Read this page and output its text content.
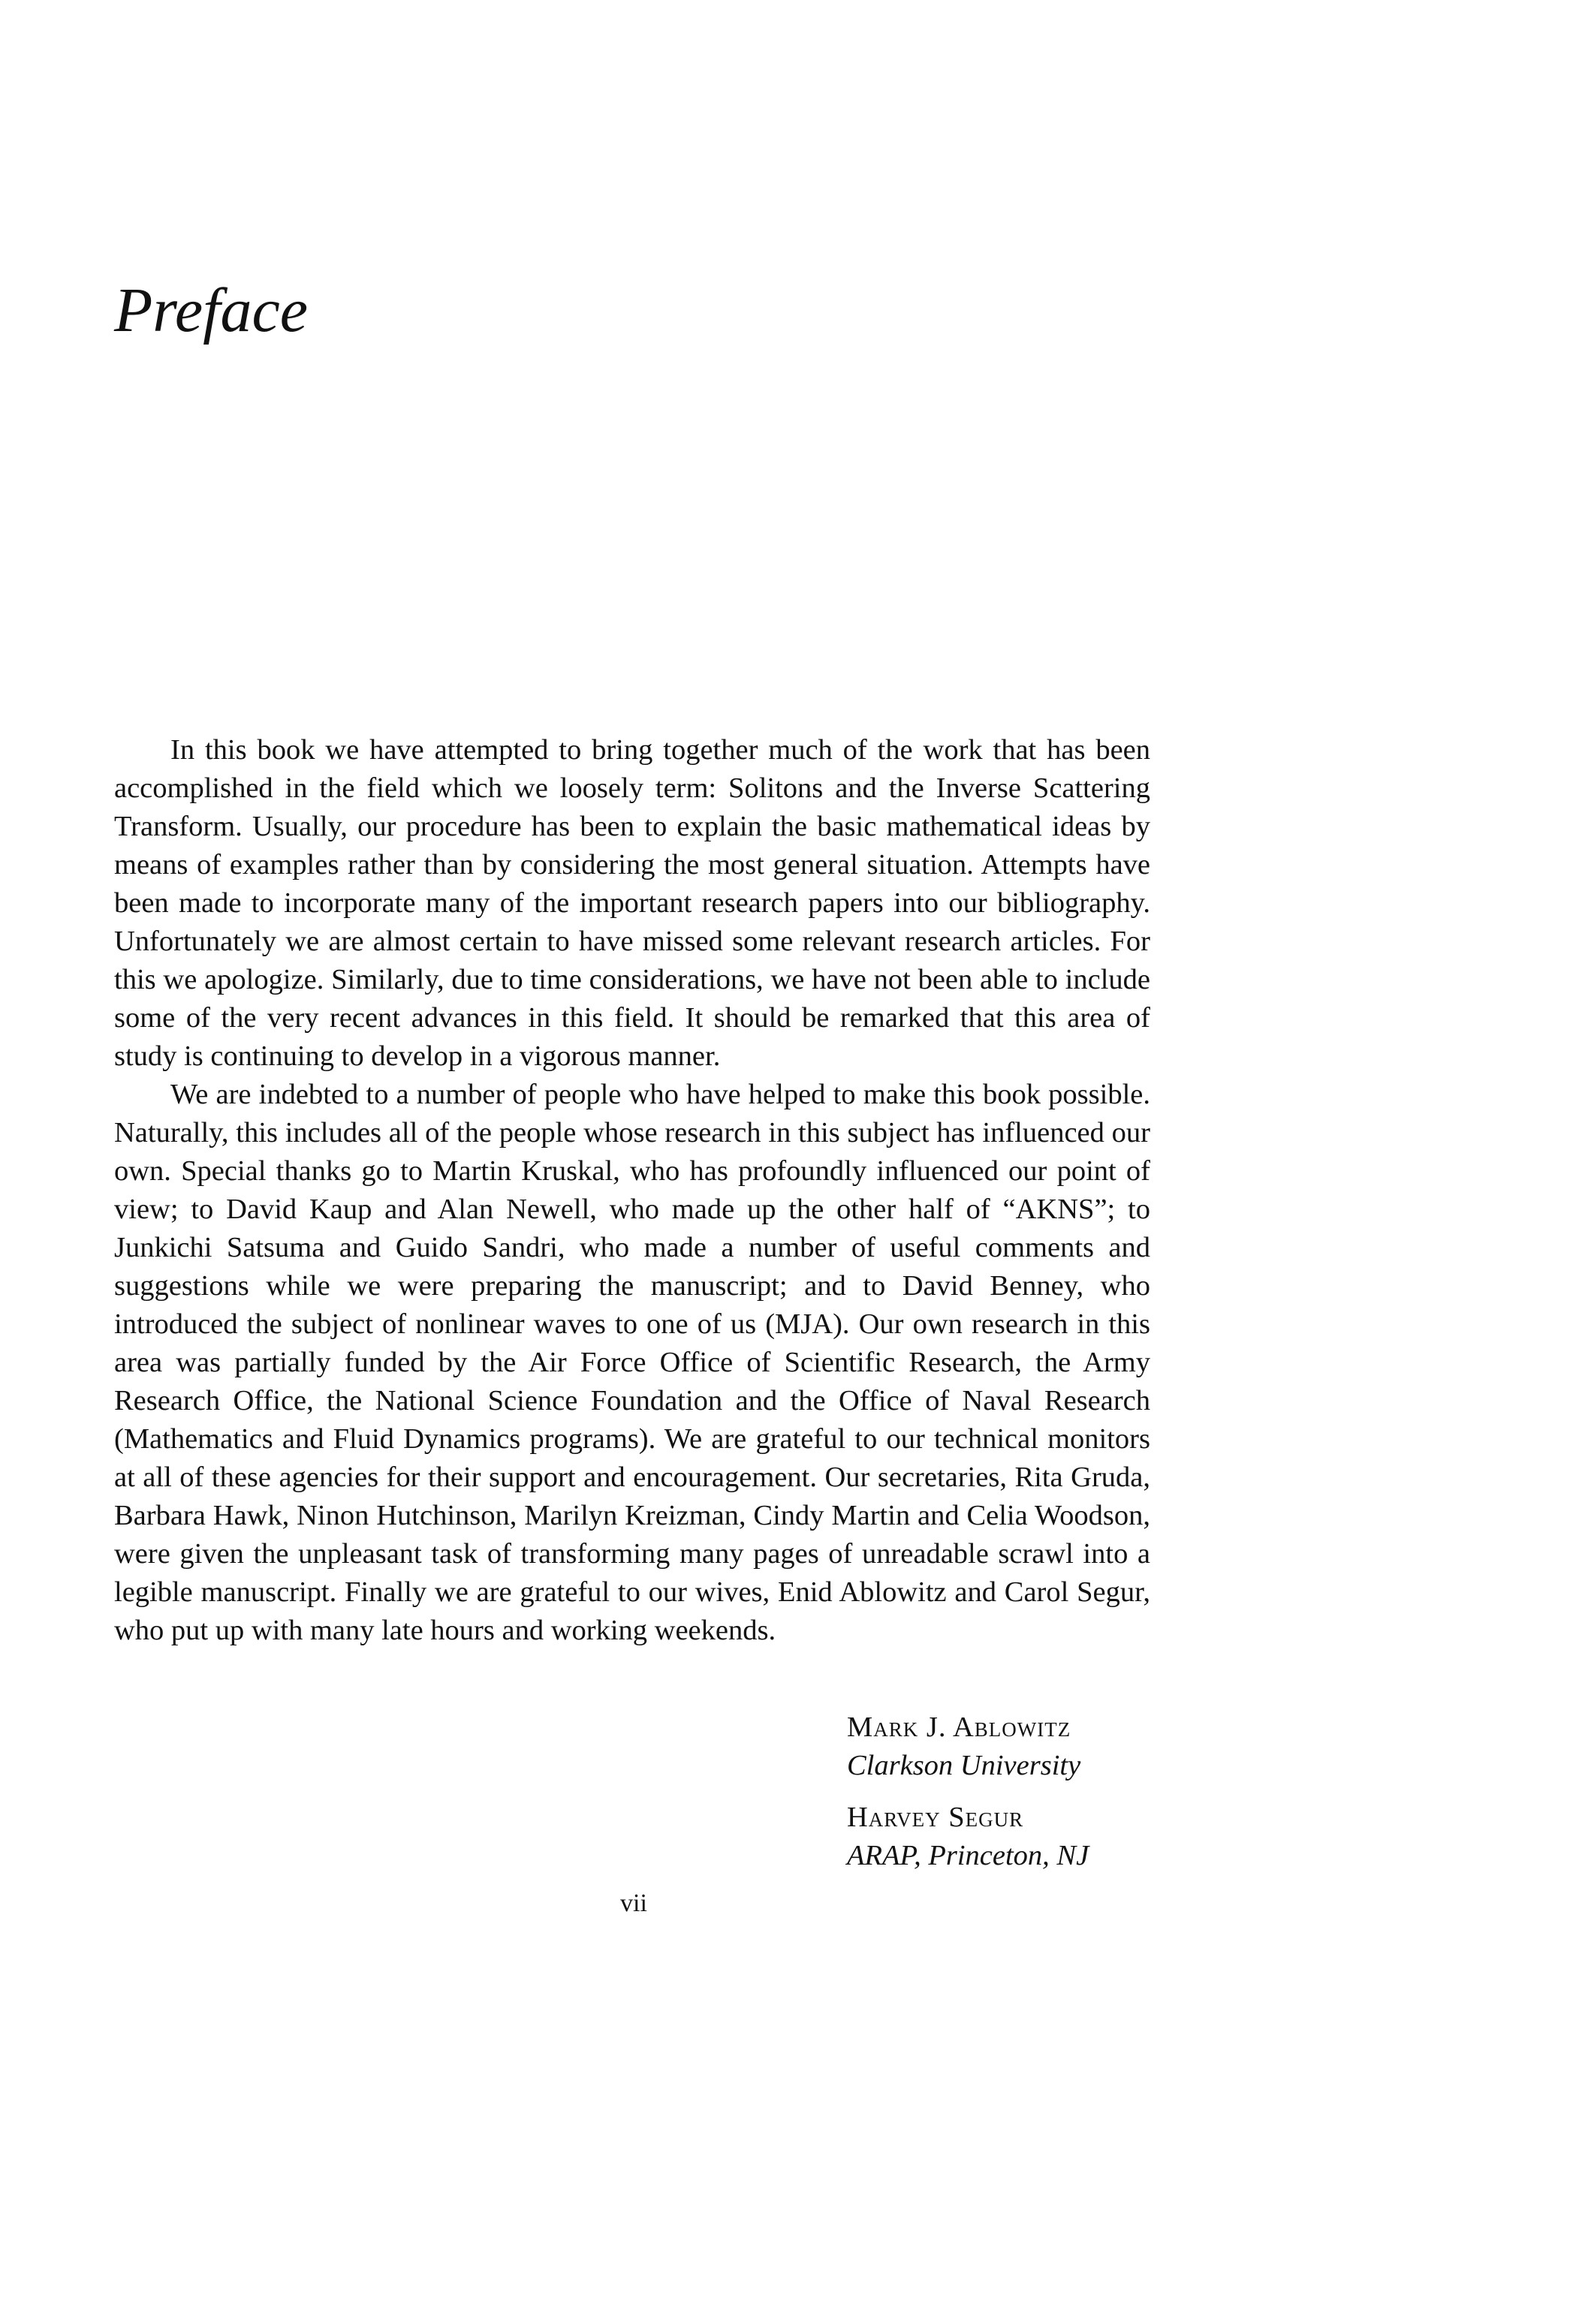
Preface

In this book we have attempted to bring together much of the work that has been accomplished in the field which we loosely term: Solitons and the Inverse Scattering Transform. Usually, our procedure has been to explain the basic mathematical ideas by means of examples rather than by considering the most general situation. Attempts have been made to incorporate many of the important research papers into our bibliography. Unfortunately we are almost certain to have missed some relevant research articles. For this we apologize. Similarly, due to time considerations, we have not been able to include some of the very recent advances in this field. It should be remarked that this area of study is continuing to develop in a vigorous manner.

We are indebted to a number of people who have helped to make this book possible. Naturally, this includes all of the people whose research in this subject has influenced our own. Special thanks go to Martin Kruskal, who has profoundly influenced our point of view; to David Kaup and Alan Newell, who made up the other half of “AKNS”; to Junkichi Satsuma and Guido Sandri, who made a number of useful comments and suggestions while we were preparing the manuscript; and to David Benney, who introduced the subject of nonlinear waves to one of us (MJA). Our own research in this area was partially funded by the Air Force Office of Scientific Research, the Army Research Office, the National Science Foundation and the Office of Naval Research (Mathematics and Fluid Dynamics programs). We are grateful to our technical monitors at all of these agencies for their support and encouragement. Our secretaries, Rita Gruda, Barbara Hawk, Ninon Hutchinson, Marilyn Kreizman, Cindy Martin and Celia Woodson, were given the unpleasant task of transforming many pages of unreadable scrawl into a legible manuscript. Finally we are grateful to our wives, Enid Ablowitz and Carol Segur, who put up with many late hours and working weekends.

Mark J. Ablowitz
Clarkson University
Harvey Segur
ARAP, Princeton, NJ
vii
